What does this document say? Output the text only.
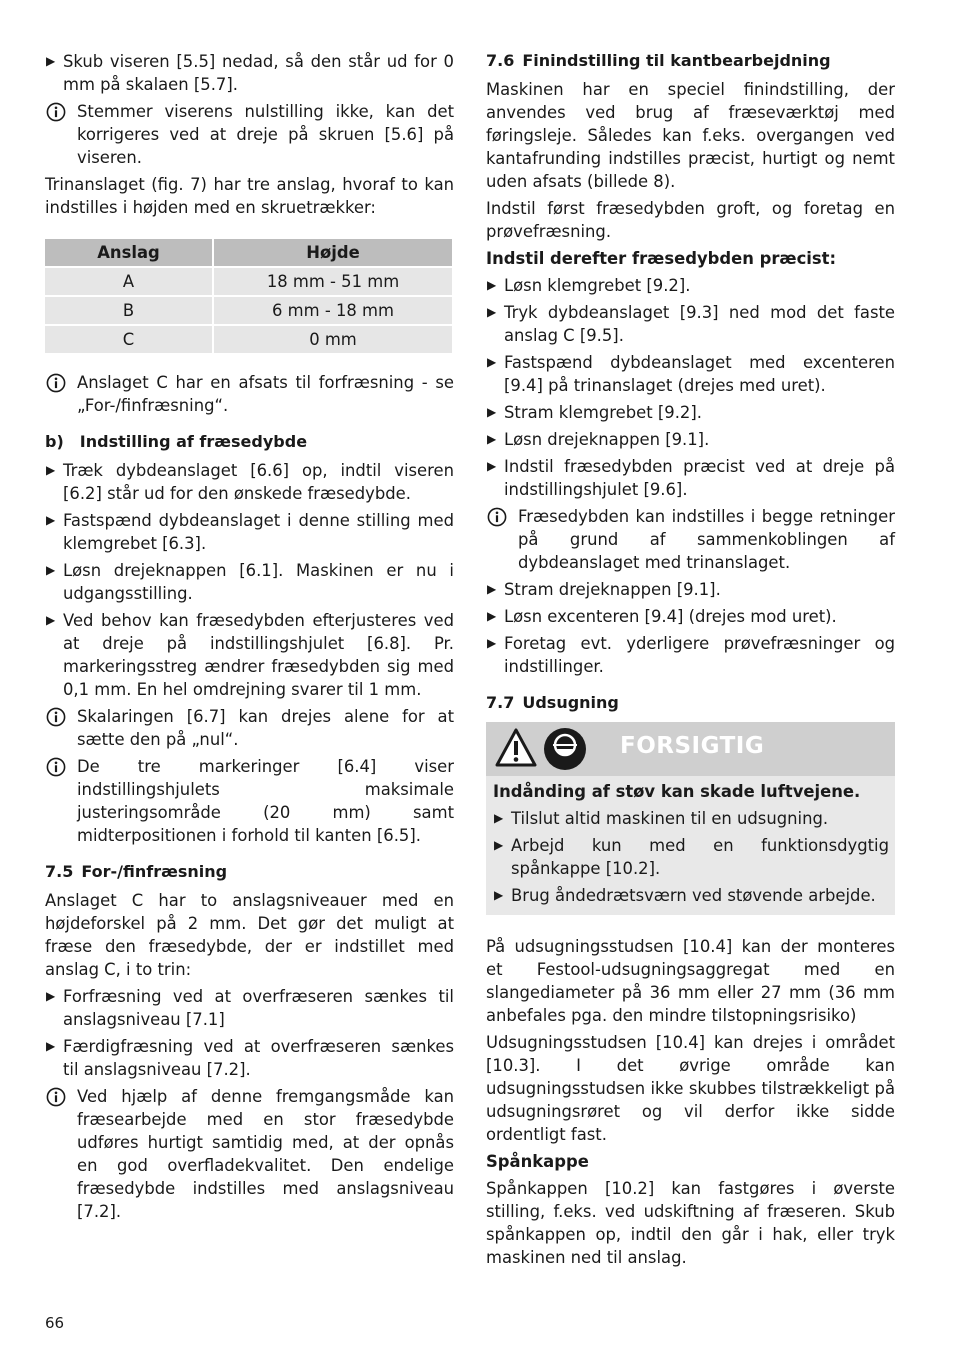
▶ Skub viseren [5.5] nedad, så den står ud for 0 mm på skalaen [5.7].
Stemmer viserens nulstilling ikke, kan det korrigeres ved at dreje på skruen [5.6] på viseren.

Trinanslaget (fig. 7) har tre anslag, hvoraf to kan indstilles i højden med en skruetrækker:

Anslag	Højde
A	18 mm - 51 mm
B	6 mm - 18 mm
C	0 mm
Anslaget C har en afsats til forfræsning - se „For-/finfræsning“.
b) Indstilling af fræsedybde
▶ Træk dybdeanslaget [6.6] op, indtil viseren [6.2] står ud for den ønskede fræsedybde.
▶ Fastspænd dybdeanslaget i denne stilling med klemgrebet [6.3].
▶ Løsn drejeknappen [6.1]. Maskinen er nu i udgangsstilling.
▶ Ved behov kan fræsedybden efterjusteres ved at dreje på indstillingshjulet [6.8]. Pr. markeringsstreg ændrer fræsedybden sig med 0,1 mm. En hel omdrejning svarer til 1 mm.
Skalaringen [6.7] kan drejes alene for at sætte den på „nul“.
De tre markeringer [6.4] viser indstillingshjulets maksimale justeringsområde (20 mm) samt midterpositionen i forhold til kanten [6.5].
7.5 For-/finfræsning

Anslaget C har to anslagsniveauer med en højdeforskel på 2 mm. Det gør det muligt at fræse den fræsedybde, der er indstillet med anslag C, i to trin:

▶ Forfræsning ved at overfræseren sænkes til anslagsniveau [7.1]
▶ Færdigfræsning ved at overfræseren sænkes til anslagsniveau [7.2].
Ved hjælp af denne fremgangsmåde kan fræsearbejde med en stor fræsedybde udføres hurtigt samtidig med, at der opnås en god overfladekvalitet. Den endelige fræsedybde indstilles med anslagsniveau [7.2].
7.6 Finindstilling til kantbearbejdning

Maskinen har en speciel finindstilling, der anvendes ved brug af fræseværktøj med føringsleje. Således kan f.eks. overgangen ved kantafrunding indstilles præcist, hurtigt og nemt uden afsats (billede 8).

Indstil først fræsedybden groft, og foretag en prøvefræsning.

Indstil derefter fræsedybden præcist:
▶ Løsn klemgrebet [9.2].
▶ Tryk dybdeanslaget [9.3] ned mod det faste anslag C [9.5].
▶ Fastspænd dybdeanslaget med excenteren [9.4] på trinanslaget (drejes med uret).
▶ Stram klemgrebet [9.2].
▶ Løsn drejeknappen [9.1].
▶ Indstil fræsedybden præcist ved at dreje på indstillingshjulet [9.6].
Fræsedybden kan indstilles i begge retninger på grund af sammenkoblingen af dybdeanslaget med trinanslaget.
▶ Stram drejeknappen [9.1].
▶ Løsn excenteren [9.4] (drejes mod uret).
▶ Foretag evt. yderligere prøvefræsninger og indstillinger.
7.7 Udsugning
FORSIGTIG
Indånding af støv kan skade luftvejene.
▶ Tilslut altid maskinen til en udsugning.
▶ Arbejd kun med en funktionsdygtig spånkappe [10.2].
▶ Brug åndedrætsværn ved støvende arbejde.

På udsugningsstudsen [10.4] kan der monteres et Festool-udsugningsaggregat med en slangediameter på 36 mm eller 27 mm (36 mm anbefales pga. den mindre tilstopningsrisiko)

Udsugningsstudsen [10.4] kan drejes i området [10.3]. I det øvrige område kan udsugningsstudsen ikke skubbes tilstrækkeligt på udsugningsrøret og vil derfor ikke sidde ordentligt fast.

Spånkappe

Spånkappen [10.2] kan fastgøres i øverste stilling, f.eks. ved udskiftning af fræseren. Skub spånkappen op, indtil den går i hak, eller tryk maskinen ned til anslag.

66
